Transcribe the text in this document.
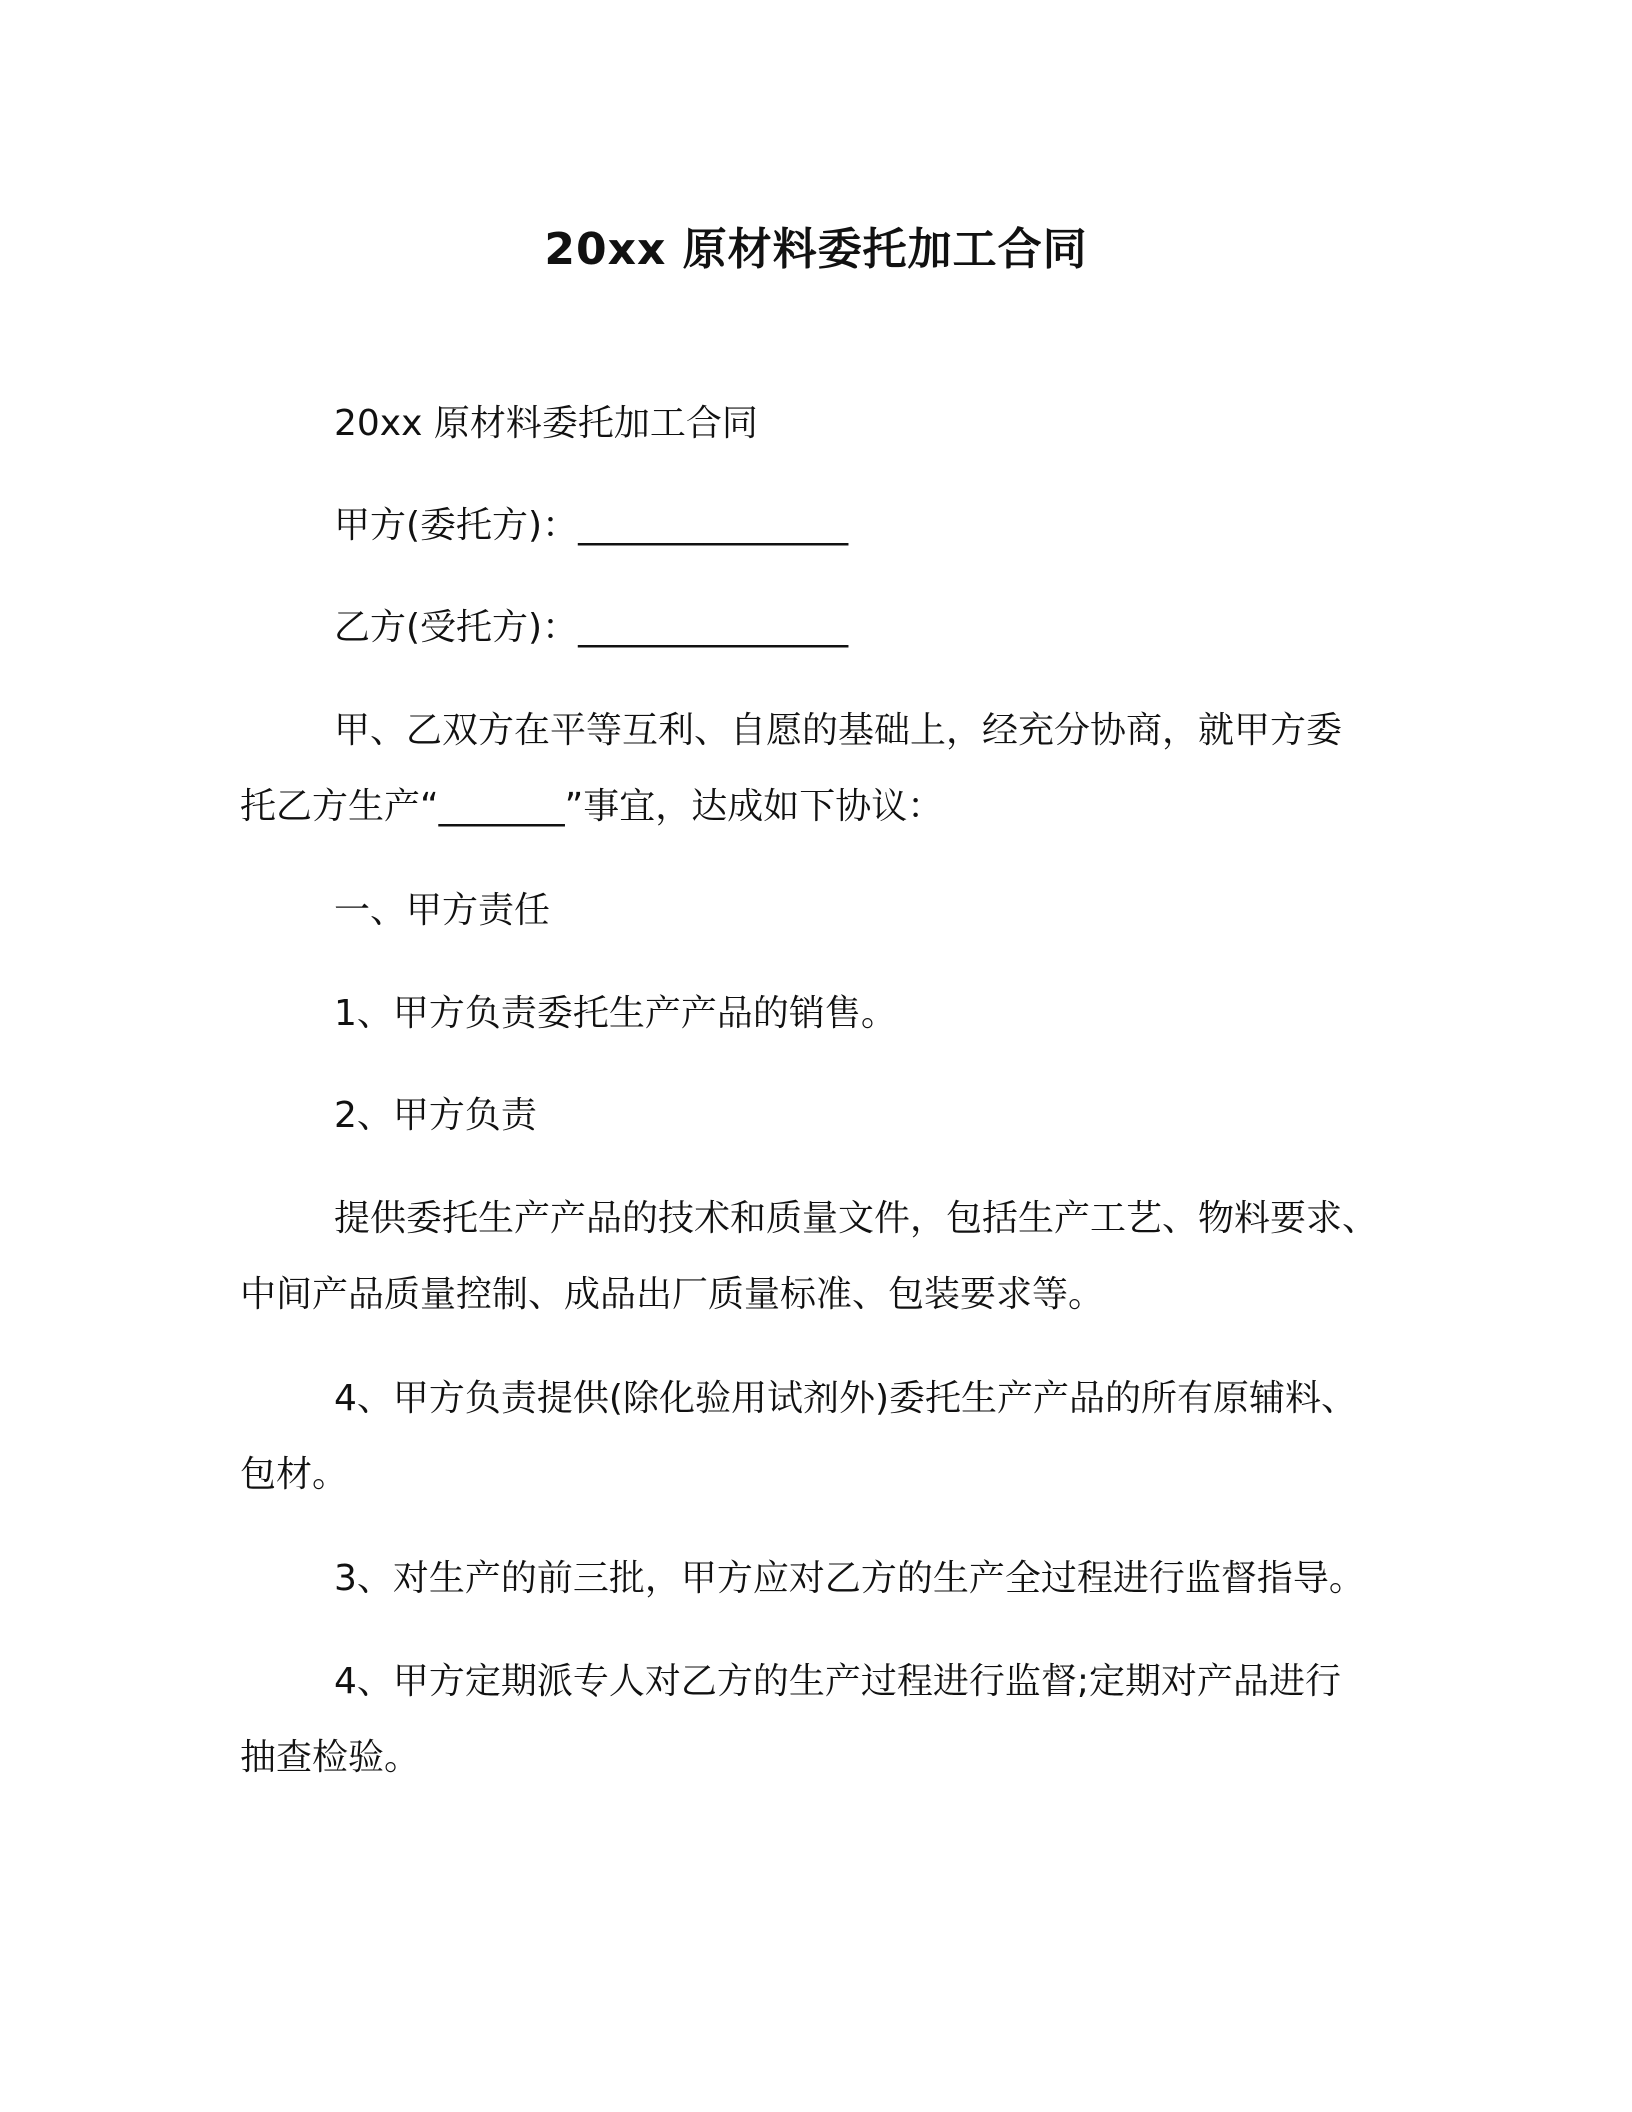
20xx 原材料委托加工合同
20xx 原材料委托加工合同
甲方(委托方)：_______________
乙方(受托方)：_______________
甲、乙双方在平等互利、自愿的基础上，经充分协商，就甲方委
托乙方生产“_______”事宜，达成如下协议：
一、甲方责任
1、甲方负责委托生产产品的销售。
2、甲方负责
提供委托生产产品的技术和质量文件，包括生产工艺、物料要求、
中间产品质量控制、成品出厂质量标准、包装要求等。
4、甲方负责提供(除化验用试剂外)委托生产产品的所有原辅料、
包材。
3、对生产的前三批，甲方应对乙方的生产全过程进行监督指导。
4、甲方定期派专人对乙方的生产过程进行监督;定期对产品进行
抽查检验。
